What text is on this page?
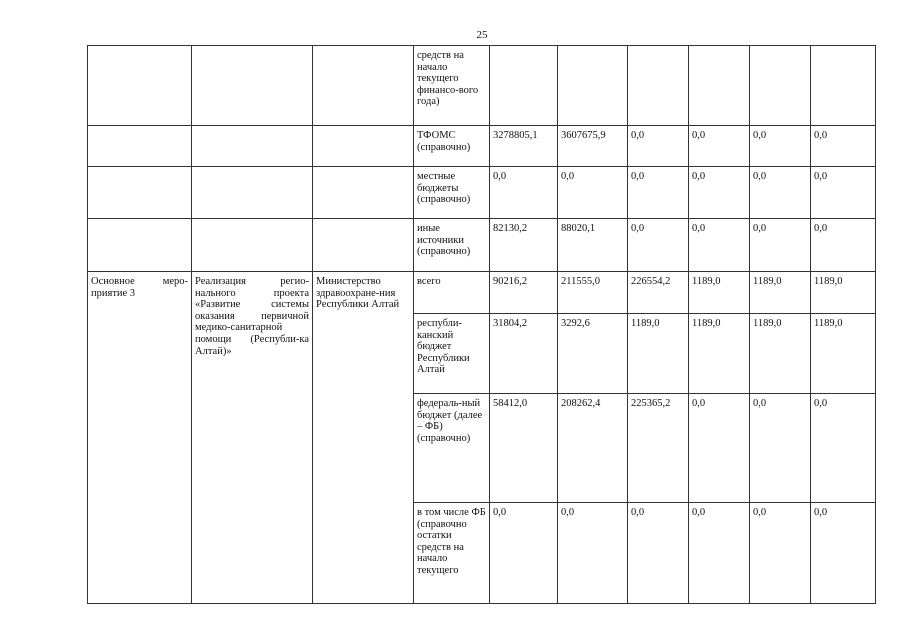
25
			средств на начало текущего финансо-вого года)						
			ТФОМС (справочно)	3278805,1	3607675,9	0,0	0,0	0,0	0,0
			местные бюджеты (справочно)	0,0	0,0	0,0	0,0	0,0	0,0
			иные источники (справочно)	82130,2	88020,1	0,0	0,0	0,0	0,0
Основное меро-приятие 3	Реализация регио-нального проекта «Развитие системы оказания первичной медико-санитарной помощи (Республи-ка Алтай)»	Министерство здравоохране-ния Республики Алтай	всего	90216,2	211555,0	226554,2	1189,0	1189,0	1189,0
			республи-канский бюджет Республики Алтай	31804,2	3292,6	1189,0	1189,0	1189,0	1189,0
			федераль-ный бюджет (далее – ФБ) (справочно)	58412,0	208262,4	225365,2	0,0	0,0	0,0
			в том числе ФБ (справочно остатки средств на начало текущего	0,0	0,0	0,0	0,0	0,0	0,0
